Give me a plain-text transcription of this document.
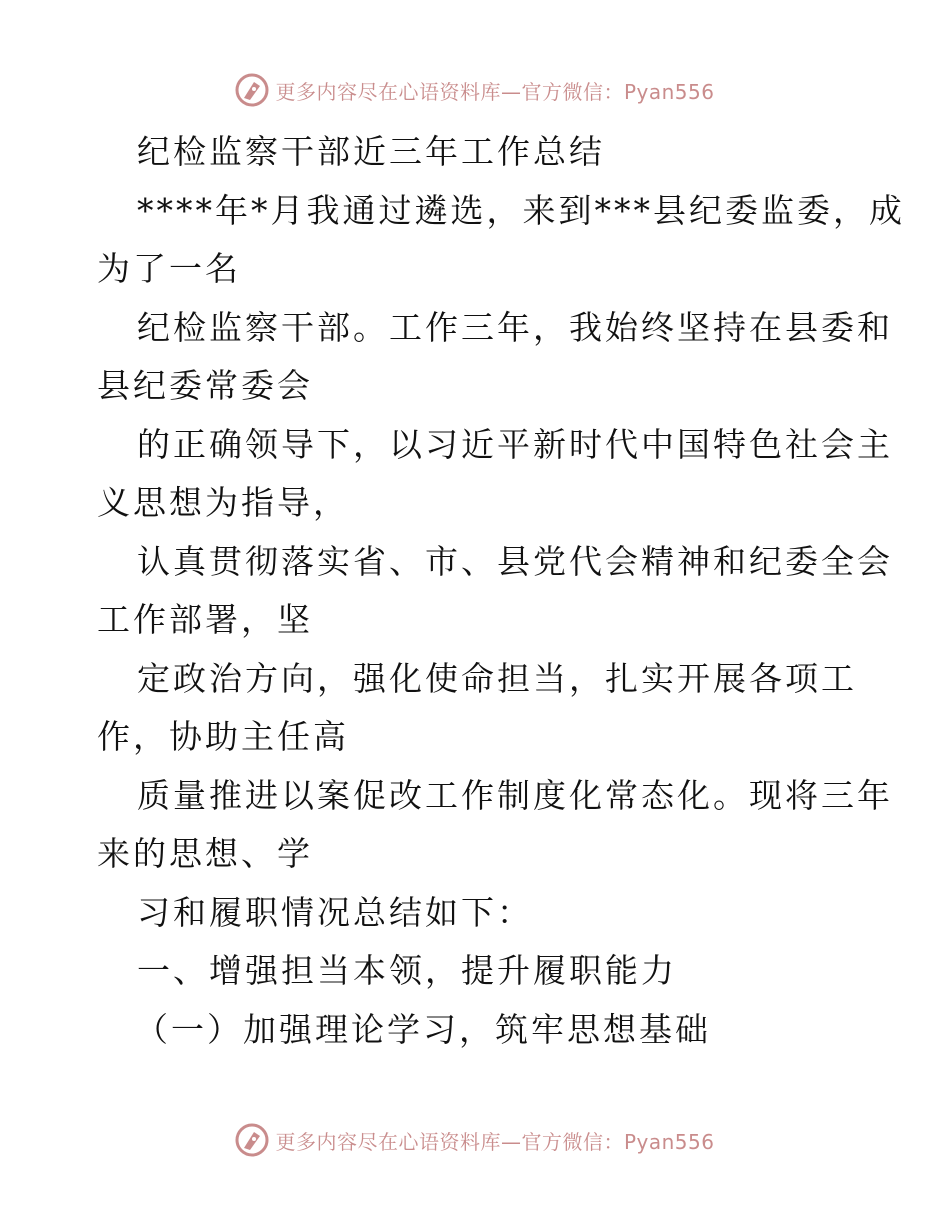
更多内容尽在心语资料库—官方微信：Pyan556
纪检监察干部近三年工作总结
****年*月我通过遴选，来到***县纪委监委，成
为了一名
纪检监察干部。工作三年，我始终坚持在县委和
县纪委常委会
的正确领导下，以习近平新时代中国特色社会主
义思想为指导，
认真贯彻落实省、市、县党代会精神和纪委全会
工作部署，坚
定政治方向，强化使命担当，扎实开展各项工
作，协助主任高
质量推进以案促改工作制度化常态化。现将三年
来的思想、学
习和履职情况总结如下：
一、增强担当本领，提升履职能力
（一）加强理论学习，筑牢思想基础
更多内容尽在心语资料库—官方微信：Pyan556
